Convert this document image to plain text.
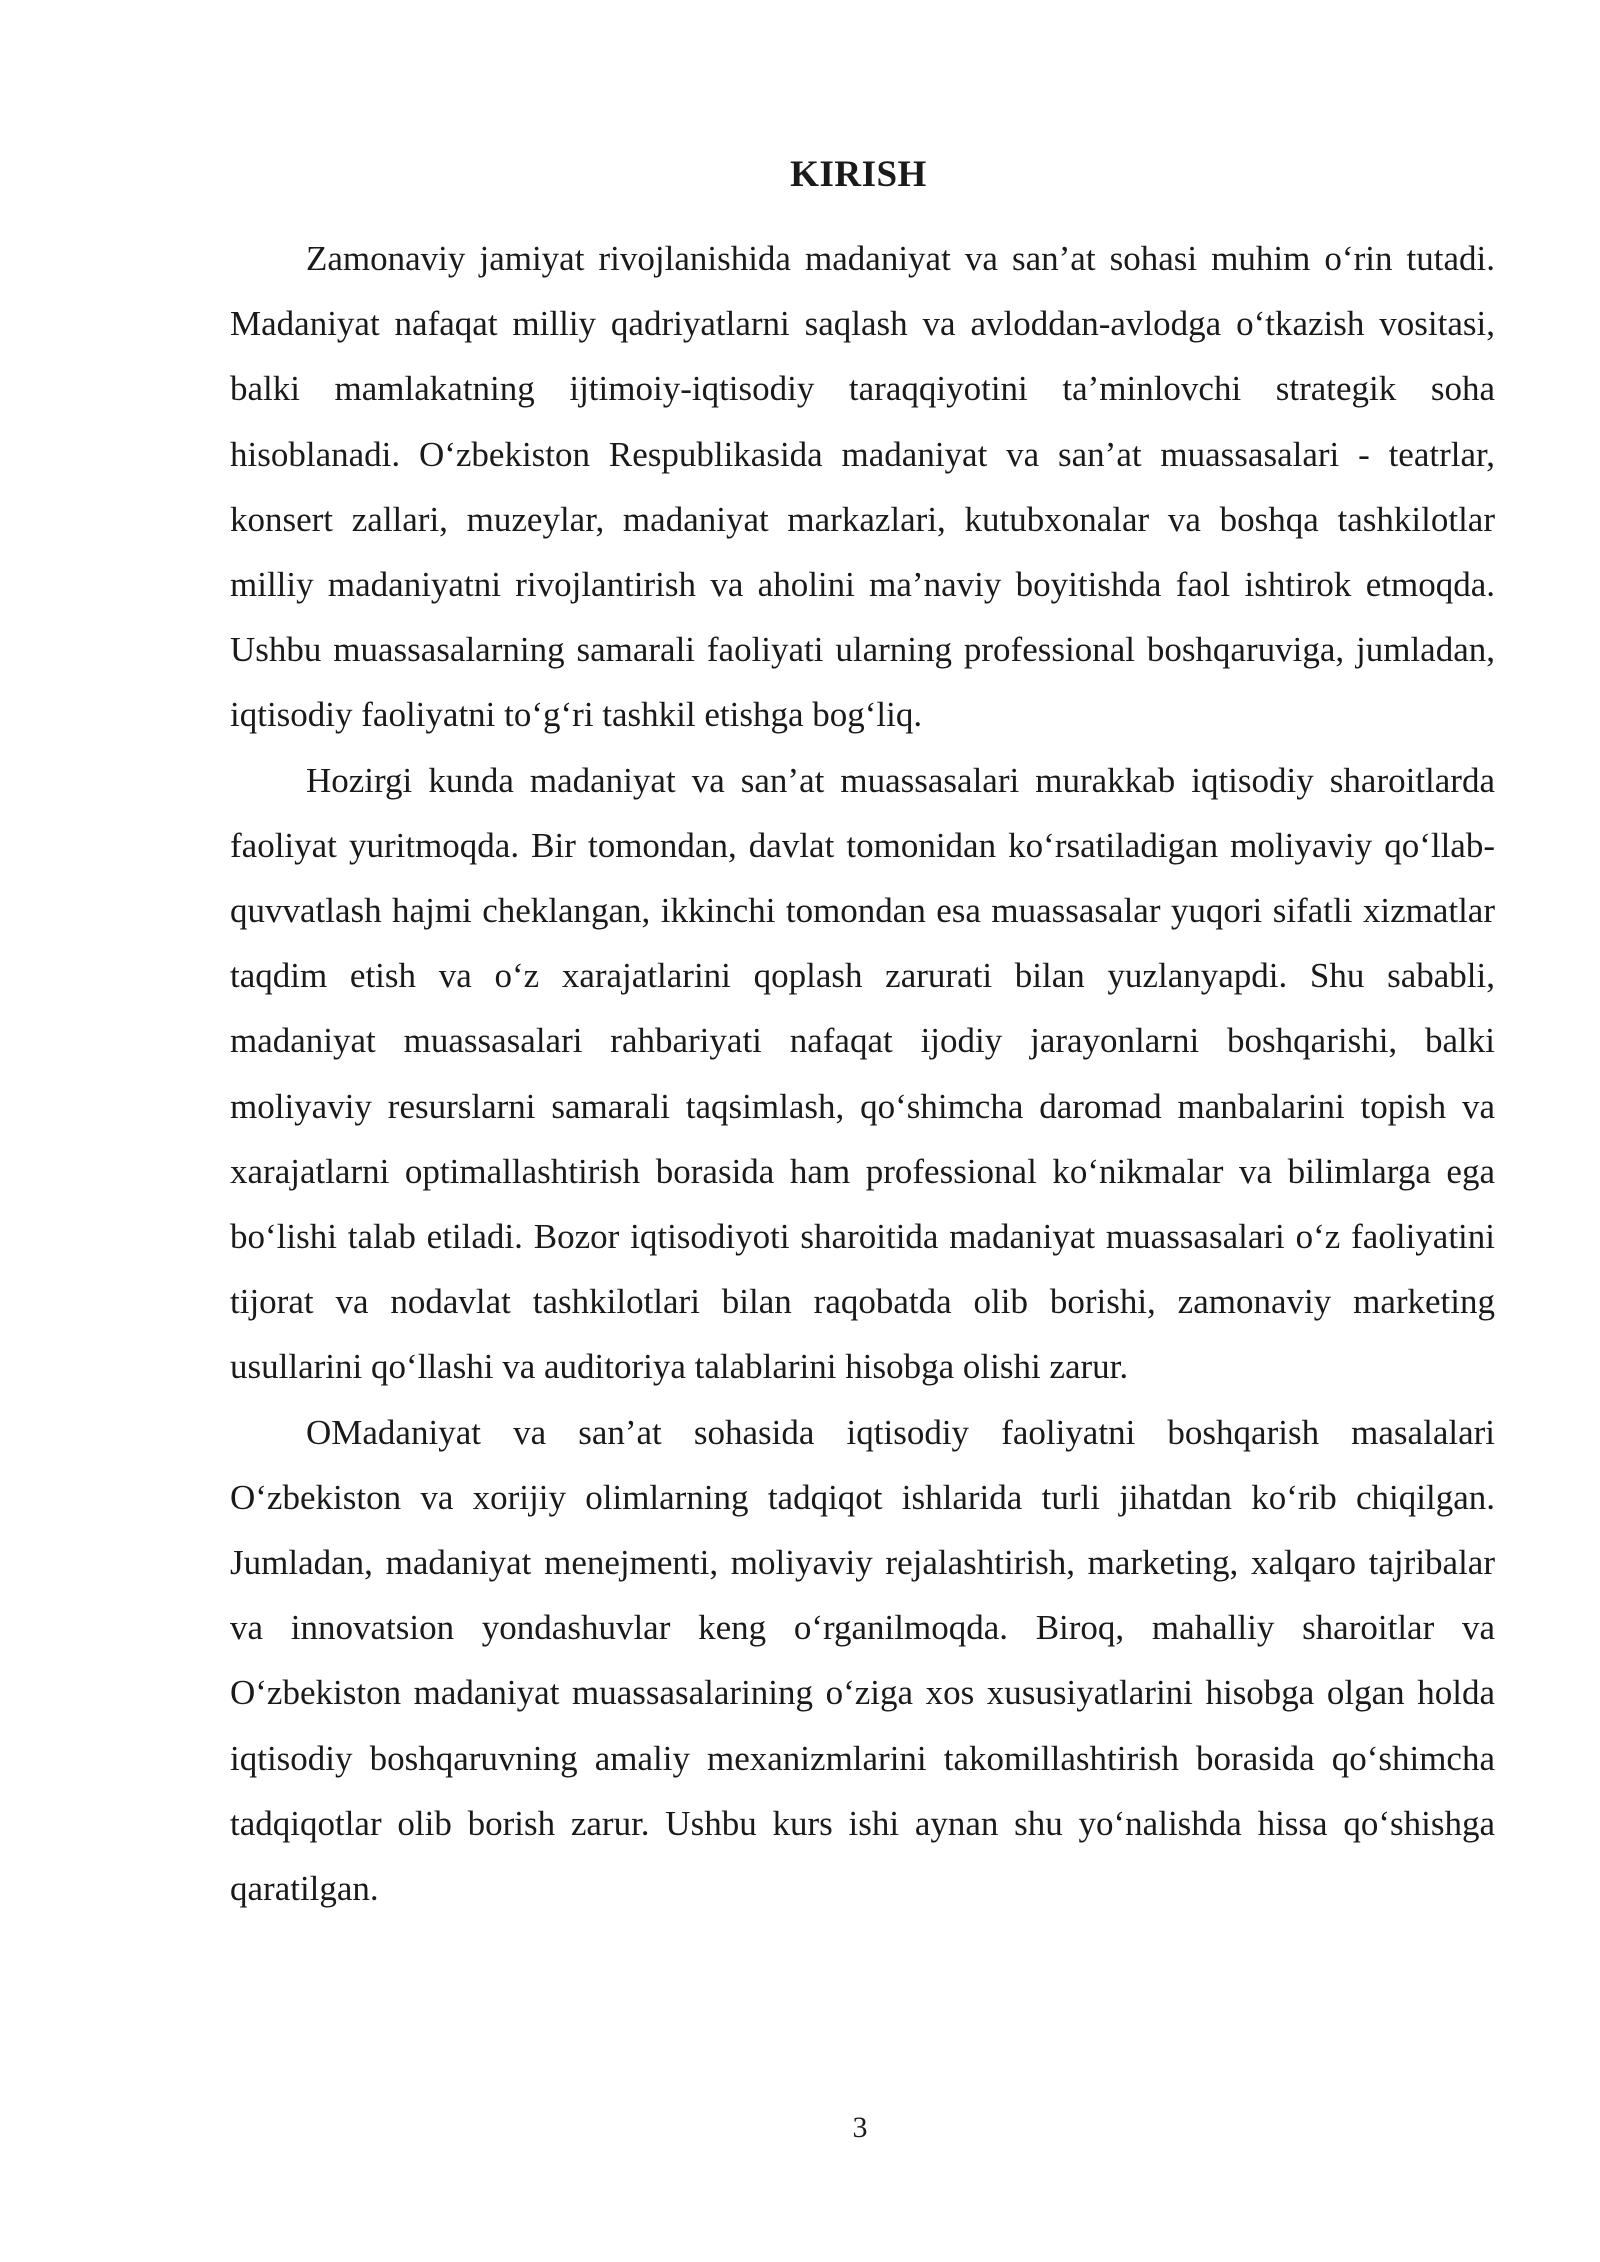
KIRISH

Zamonaviy jamiyat rivojlanishida madaniyat va san’at sohasi muhim o‘rin tutadi. Madaniyat nafaqat milliy qadriyatlarni saqlash va avloddan-avlodga o‘tkazish vositasi, balki mamlakatning ijtimoiy-iqtisodiy taraqqiyotini ta’minlovchi strategik soha hisoblanadi. O‘zbekiston Respublikasida madaniyat va san’at muassasalari - teatrlar, konsert zallari, muzeylar, madaniyat markazlari, kutubxonalar va boshqa tashkilotlar milliy madaniyatni rivojlantirish va aholini ma’naviy boyitishda faol ishtirok etmoqda. Ushbu muassasalarning samarali faoliyati ularning professional boshqaruviga, jumladan, iqtisodiy faoliyatni to‘g‘ri tashkil etishga bog‘liq.

Hozirgi kunda madaniyat va san’at muassasalari murakkab iqtisodiy sharoitlarda faoliyat yuritmoqda. Bir tomondan, davlat tomonidan ko‘rsatiladigan moliyaviy qo‘llab-quvvatlash hajmi cheklangan, ikkinchi tomondan esa muassasalar yuqori sifatli xizmatlar taqdim etish va o‘z xarajatlarini qoplash zarurati bilan yuzlanyapdi. Shu sababli, madaniyat muassasalari rahbariyati nafaqat ijodiy jarayonlarni boshqarishi, balki moliyaviy resurslarni samarali taqsimlash, qo‘shimcha daromad manbalarini topish va xarajatlarni optimallashtirish borasida ham professional ko‘nikmalar va bilimlarga ega bo‘lishi talab etiladi. Bozor iqtisodiyoti sharoitida madaniyat muassasalari o‘z faoliyatini tijorat va nodavlat tashkilotlari bilan raqobatda olib borishi, zamonaviy marketing usullarini qo‘llashi va auditoriya talablarini hisobga olishi zarur.

OMadaniyat va san’at sohasida iqtisodiy faoliyatni boshqarish masalalari O‘zbekiston va xorijiy olimlarning tadqiqot ishlarida turli jihatdan ko‘rib chiqilgan. Jumladan, madaniyat menejmenti, moliyaviy rejalashtirish, marketing, xalqaro tajribalar va innovatsion yondashuvlar keng o‘rganilmoqda. Biroq, mahalliy sharoitlar va O‘zbekiston madaniyat muassasalarining o‘ziga xos xususiyatlarini hisobga olgan holda iqtisodiy boshqaruvning amaliy mexanizmlarini takomillashtirish borasida qo‘shimcha tadqiqotlar olib borish zarur. Ushbu kurs ishi aynan shu yo‘nalishda hissa qo‘shishga qaratilgan.

3
